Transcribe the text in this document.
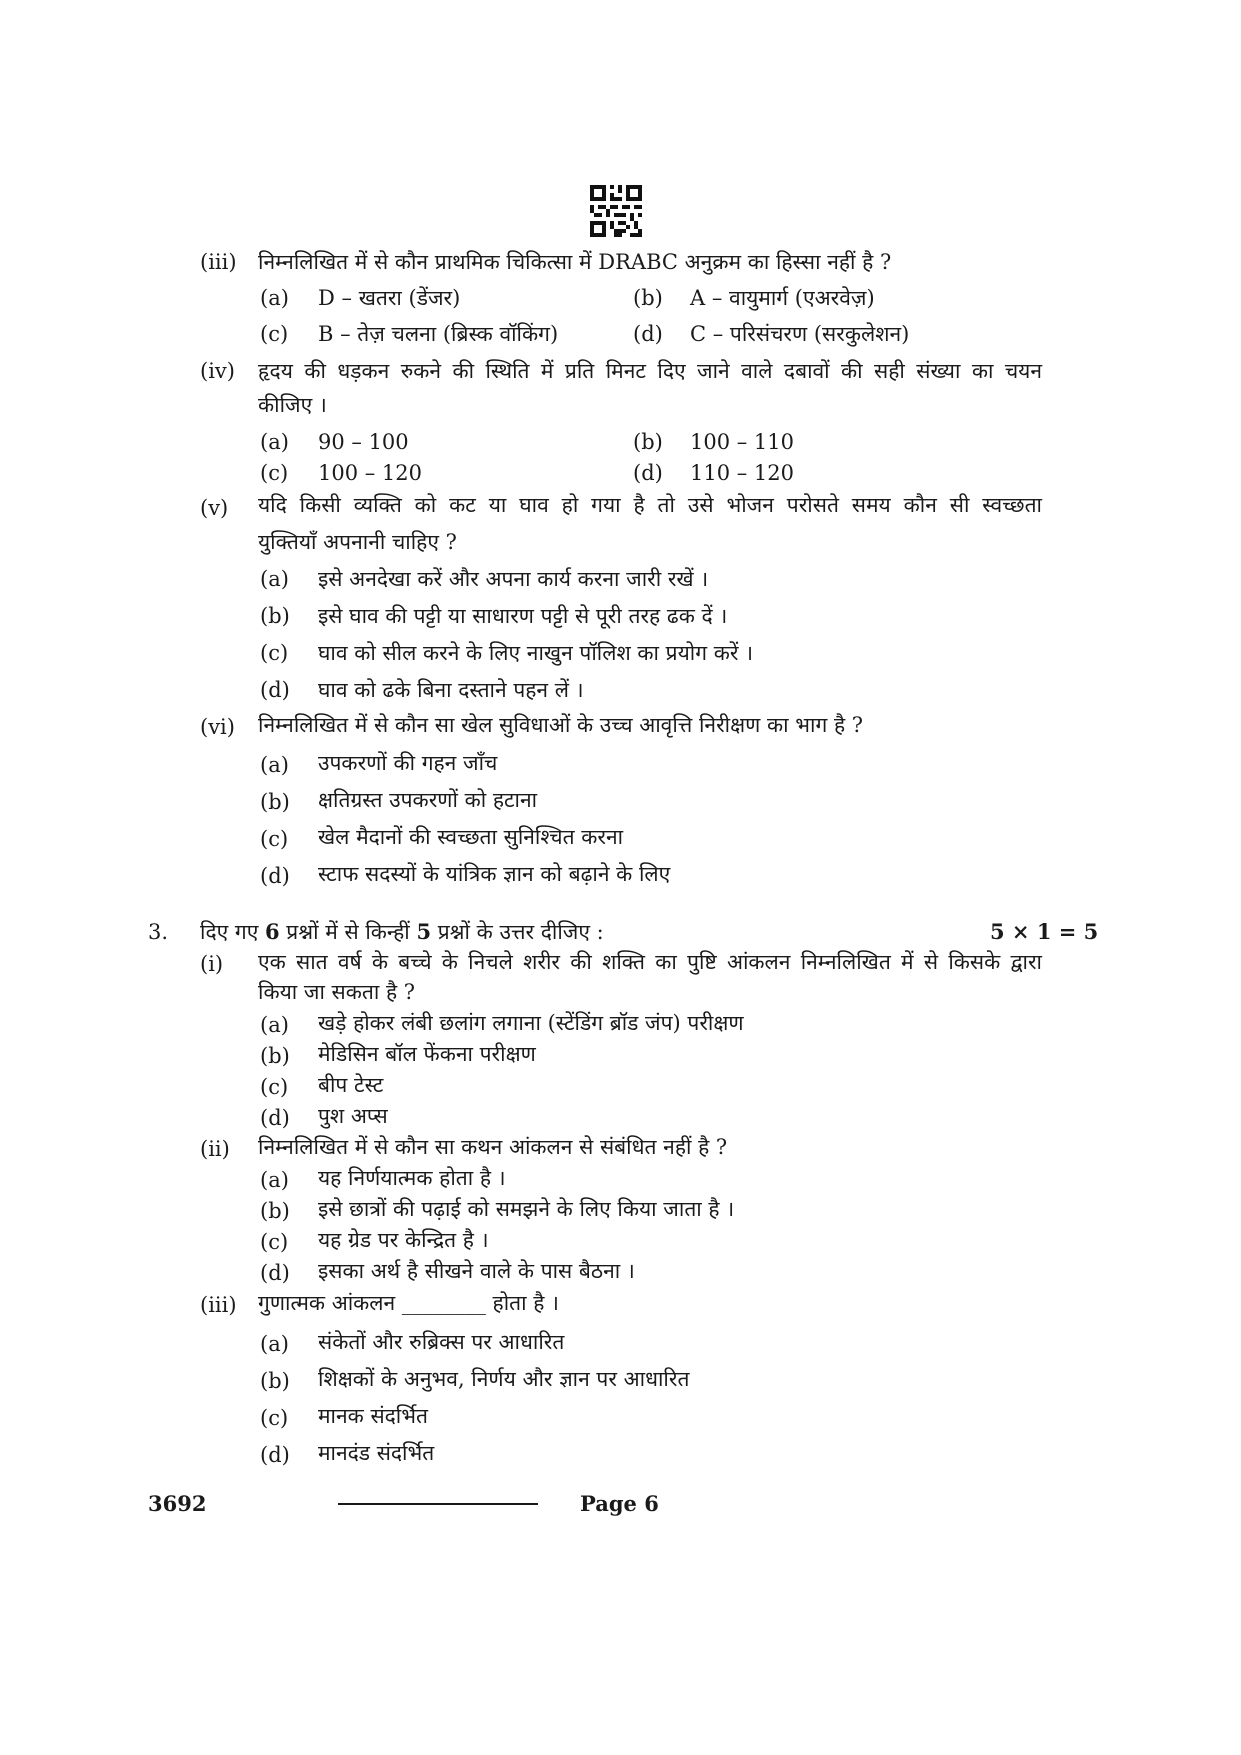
(iii) निम्नलिखित में से कौन प्राथमिक चिकित्सा में DRABC अनुक्रम का हिस्सा नहीं है ?
(a) D – खतरा (डेंजर)	(b) A – वायुमार्ग (एअरवेज़)
(c) B – तेज़ चलना (ब्रिस्क वॉकिंग)	(d) C – परिसंचरण (सरकुलेशन)
(iv) हृदय की धड़कन रुकने की स्थिति में प्रति मिनट दिए जाने वाले दबावों की सही संख्या का चयन
कीजिए ।
(a) 90 – 100	(b) 100 – 110
(c) 100 – 120	(d) 110 – 120
(v) यदि किसी व्यक्ति को कट या घाव हो गया है तो उसे भोजन परोसते समय कौन सी स्वच्छता
युक्तियाँ अपनानी चाहिए ?
(a) इसे अनदेखा करें और अपना कार्य करना जारी रखें ।
(b) इसे घाव की पट्टी या साधारण पट्टी से पूरी तरह ढक दें ।
(c) घाव को सील करने के लिए नाखुन पॉलिश का प्रयोग करें ।
(d) घाव को ढके बिना दस्ताने पहन लें ।
(vi) निम्नलिखित में से कौन सा खेल सुविधाओं के उच्च आवृत्ति निरीक्षण का भाग है ?
(a) उपकरणों की गहन जाँच
(b) क्षतिग्रस्त उपकरणों को हटाना
(c) खेल मैदानों की स्वच्छता सुनिश्चित करना
(d) स्टाफ सदस्यों के यांत्रिक ज्ञान को बढ़ाने के लिए
3. दिए गए 6 प्रश्नों में से किन्हीं 5 प्रश्नों के उत्तर दीजिए :	5 × 1 = 5
(i) एक सात वर्ष के बच्चे के निचले शरीर की शक्ति का पुष्टि आंकलन निम्नलिखित में से किसके द्वारा
किया जा सकता है ?
(a) खड़े होकर लंबी छलांग लगाना (स्टेंडिंग ब्रॉड जंप) परीक्षण
(b) मेडिसिन बॉल फेंकना परीक्षण
(c) बीप टेस्ट
(d) पुश अप्स
(ii) निम्नलिखित में से कौन सा कथन आंकलन से संबंधित नहीं है ?
(a) यह निर्णयात्मक होता है ।
(b) इसे छात्रों की पढ़ाई को समझने के लिए किया जाता है ।
(c) यह ग्रेड पर केन्द्रित है ।
(d) इसका अर्थ है सीखने वाले के पास बैठना ।
(iii) गुणात्मक आंकलन ________ होता है ।
(a) संकेतों और रुब्रिक्स पर आधारित
(b) शिक्षकों के अनुभव, निर्णय और ज्ञान पर आधारित
(c) मानक संदर्भित
(d) मानदंड संदर्भित
3692	Page 6
